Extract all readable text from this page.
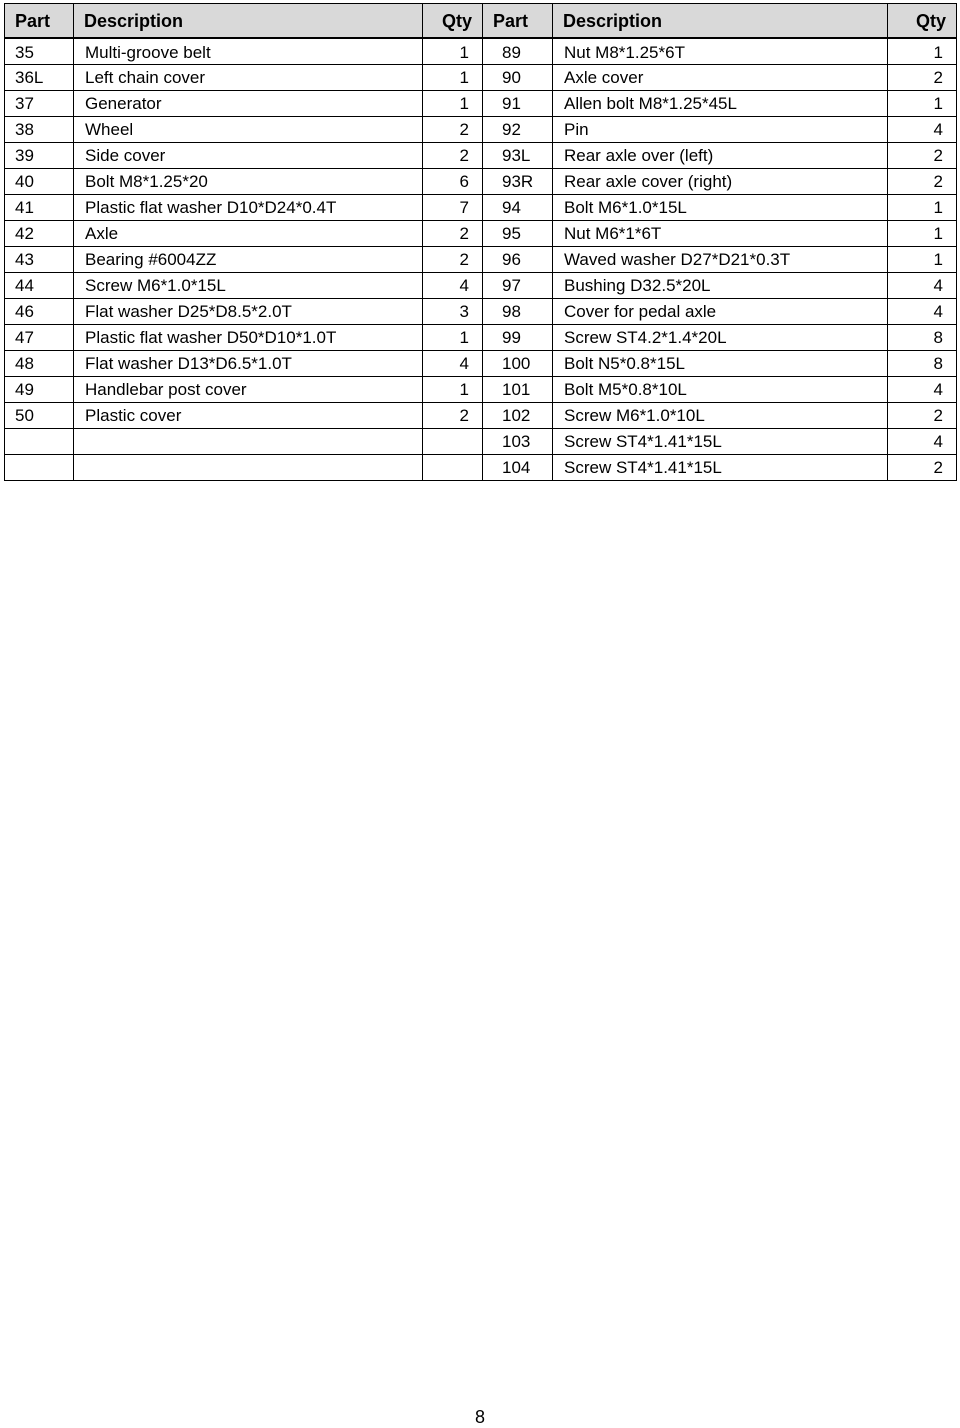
Part	Description	Qty	Part	Description	Qty
35	Multi-groove belt	1	89	Nut M8*1.25*6T	1
36L	Left chain cover	1	90	Axle cover	2
37	Generator	1	91	Allen bolt M8*1.25*45L	1
38	Wheel	2	92	Pin	4
39	Side cover	2	93L	Rear axle over (left)	2
40	Bolt M8*1.25*20	6	93R	Rear axle cover (right)	2
41	Plastic flat washer D10*D24*0.4T	7	94	Bolt M6*1.0*15L	1
42	Axle	2	95	Nut M6*1*6T	1
43	Bearing #6004ZZ	2	96	Waved washer D27*D21*0.3T	1
44	Screw M6*1.0*15L	4	97	Bushing D32.5*20L	4
46	Flat washer D25*D8.5*2.0T	3	98	Cover for pedal axle	4
47	Plastic flat washer D50*D10*1.0T	1	99	Screw ST4.2*1.4*20L	8
48	Flat washer D13*D6.5*1.0T	4	100	Bolt N5*0.8*15L	8
49	Handlebar post cover	1	101	Bolt M5*0.8*10L	4
50	Plastic cover	2	102	Screw M6*1.0*10L	2
			103	Screw ST4*1.41*15L	4
			104	Screw ST4*1.41*15L	2
8
